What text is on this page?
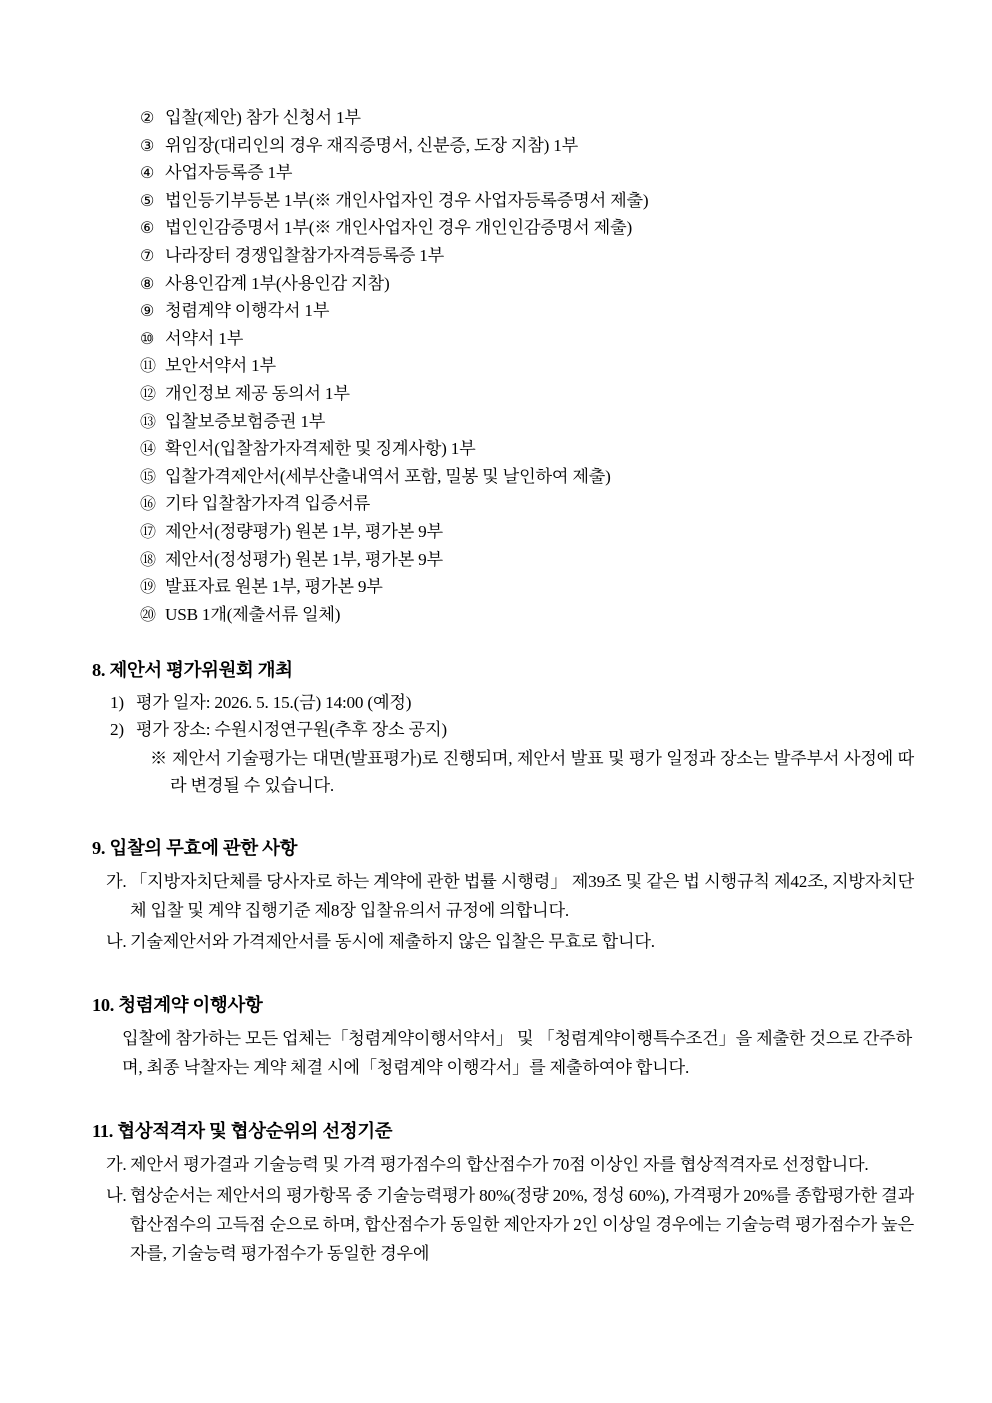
② 입찰(제안) 참가 신청서 1부
③ 위임장(대리인의 경우 재직증명서, 신분증, 도장 지참) 1부
④ 사업자등록증 1부
⑤ 법인등기부등본 1부(※ 개인사업자인 경우 사업자등록증명서 제출)
⑥ 법인인감증명서 1부(※ 개인사업자인 경우 개인인감증명서 제출)
⑦ 나라장터 경쟁입찰참가자격등록증 1부
⑧ 사용인감계 1부(사용인감 지참)
⑨ 청렴계약 이행각서 1부
⑩ 서약서 1부
⑪ 보안서약서 1부
⑫ 개인정보 제공 동의서 1부
⑬ 입찰보증보험증권 1부
⑭ 확인서(입찰참가자격제한 및 징계사항) 1부
⑮ 입찰가격제안서(세부산출내역서 포함, 밀봉 및 날인하여 제출)
⑯ 기타 입찰참가자격 입증서류
⑰ 제안서(정량평가) 원본 1부, 평가본 9부
⑱ 제안서(정성평가) 원본 1부, 평가본 9부
⑲ 발표자료 원본 1부, 평가본 9부
⑳ USB 1개(제출서류 일체)
8. 제안서 평가위원회 개최
1) 평가 일자: 2026. 5. 15.(금) 14:00 (예정)
2) 평가 장소: 수원시정연구원(추후 장소 공지)

※ 제안서 기술평가는 대면(발표평가)로 진행되며, 제안서 발표 및 평가 일정과 장소는 발주부서 사정에 따라 변경될 수 있습니다.

9. 입찰의 무효에 관한 사항
가. 「지방자치단체를 당사자로 하는 계약에 관한 법률 시행령」 제39조 및 같은 법 시행규칙 제42조, 지방자치단체 입찰 및 계약 집행기준 제8장 입찰유의서 규정에 의합니다.
나. 기술제안서와 가격제안서를 동시에 제출하지 않은 입찰은 무효로 합니다.
10. 청렴계약 이행사항

입찰에 참가하는 모든 업체는「청렴계약이행서약서」 및 「청렴계약이행특수조건」을 제출한 것으로 간주하며, 최종 낙찰자는 계약 체결 시에「청렴계약 이행각서」를 제출하여야 합니다.

11. 협상적격자 및 협상순위의 선정기준
가. 제안서 평가결과 기술능력 및 가격 평가점수의 합산점수가 70점 이상인 자를 협상적격자로 선정합니다.
나. 협상순서는 제안서의 평가항목 중 기술능력평가 80%(정량 20%, 정성 60%), 가격평가 20%를 종합평가한 결과 합산점수의 고득점 순으로 하며, 합산점수가 동일한 제안자가 2인 이상일 경우에는 기술능력 평가점수가 높은 자를, 기술능력 평가점수가 동일한 경우에
